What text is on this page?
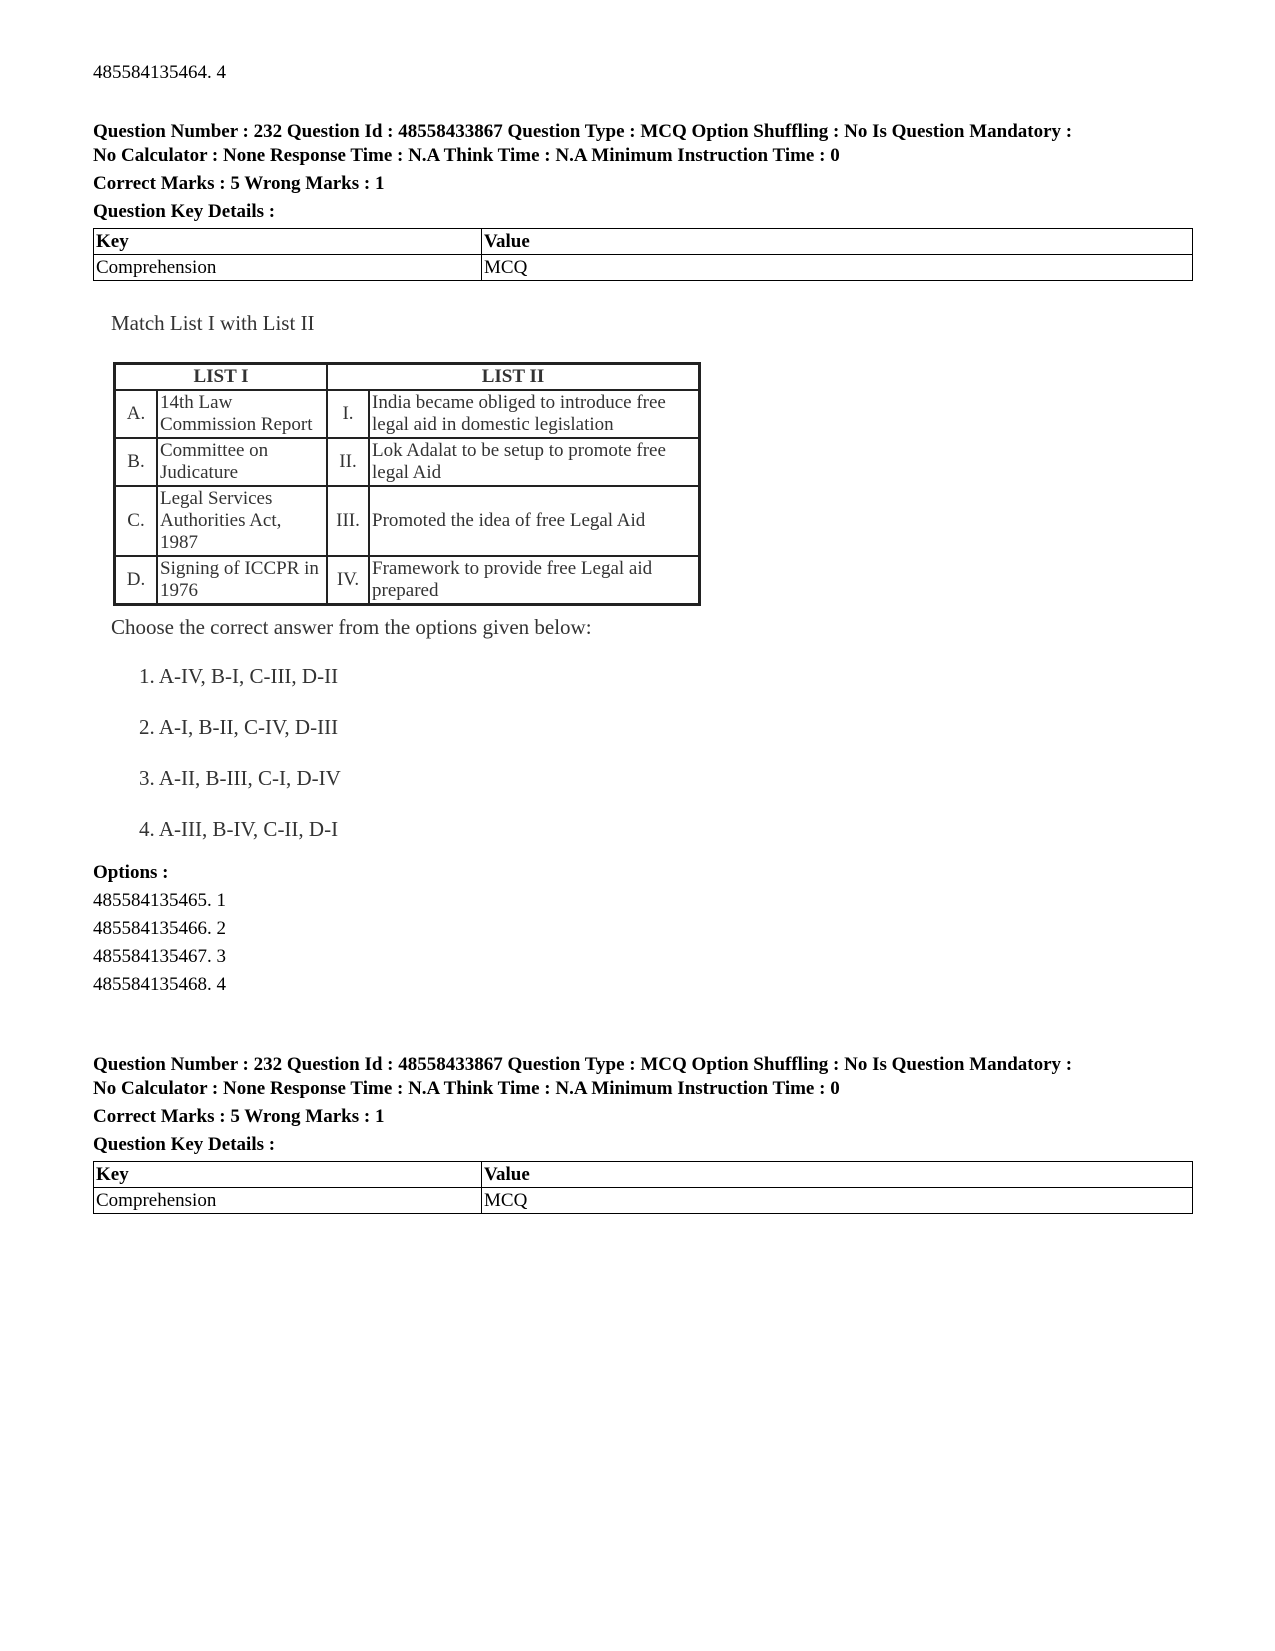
485584135464. 4
Question Number : 232 Question Id : 48558433867 Question Type : MCQ Option Shuffling : No Is Question Mandatory :
No Calculator : None Response Time : N.A Think Time : N.A Minimum Instruction Time : 0
Correct Marks : 5 Wrong Marks : 1
Question Key Details :
Key	Value
Comprehension	MCQ
Match List I with List II
LIST I		LIST II	
A.	14th Law Commission Report	I.	India became obliged to introduce free legal aid in domestic legislation
B.	Committee on Judicature	II.	Lok Adalat to be setup to promote free legal Aid
C.	Legal Services Authorities Act, 1987	III.	Promoted the idea of free Legal Aid
D.	Signing of ICCPR in 1976	IV.	Framework to provide free Legal aid prepared
Choose the correct answer from the options given below:
1. A-IV, B-I, C-III, D-II
2. A-I, B-II, C-IV, D-III
3. A-II, B-III, C-I, D-IV
4. A-III, B-IV, C-II, D-I
Options :
485584135465. 1
485584135466. 2
485584135467. 3
485584135468. 4
Question Number : 232 Question Id : 48558433867 Question Type : MCQ Option Shuffling : No Is Question Mandatory :
No Calculator : None Response Time : N.A Think Time : N.A Minimum Instruction Time : 0
Correct Marks : 5 Wrong Marks : 1
Question Key Details :
Key	Value
Comprehension	MCQ
